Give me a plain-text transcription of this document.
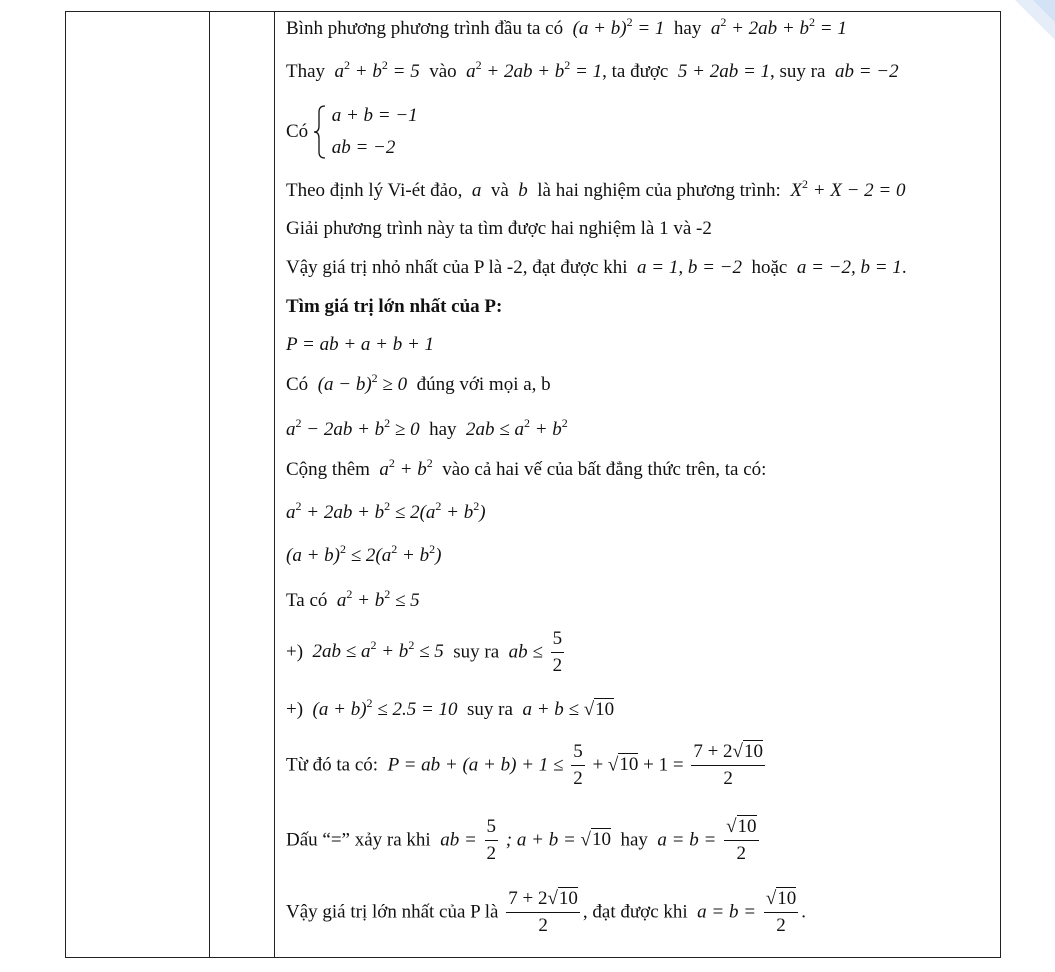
Bình phương phương trình đầu ta có  $(a + b)^2 = 1$  hay  $a^2 + 2ab + b^2 = 1$
Thay  $a^2 + b^2 = 5$  vào  $a^2 + 2ab + b^2 = 1$, ta được  5 + 2ab = 1, suy ra  ab = −2
Có  a + b = −1
ab = −2
Theo định lý Vi-ét đảo,  a  và  b  là hai nghiệm của phương trình:  $X^2 + X - 2 = 0$
Giải phương trình này ta tìm được hai nghiệm là 1 và -2
Vậy giá trị nhỏ nhất của P là -2, đạt được khi  a = 1, b = −2  hoặc  a = −2, b = 1.
Tìm giá trị lớn nhất của P:
P = ab + a + b + 1
Có  $(a - b)^2 \ge 0$  đúng với mọi a, b
$a^2 - 2ab + b^2 \ge 0$  hay  $2ab \le a^2 + b^2$
Cộng thêm  $a^2 + b^2$ vào cả hai vế của bất đẳng thức trên, ta có:
$a^2 + 2ab + b^2 \le 2(a^2 + b^2)$
$(a + b)^2 \le 2(a^2 + b^2)$
Ta có  $a^2 + b^2 \le 5$
+)  $2ab \le a^2 + b^2 \le 5$  suy ra  ab ≤ $\frac{5}{2}$
+)  $(a + b)^2 \le 2.5 = 10$  suy ra  a + b ≤ √10
Từ đó ta có:  P = ab + $(a + b) + 1 \le \frac{5}{2} + √10 + 1 = \frac{7 + 2√10}{2}$
Dấu “=” xảy ra khi  ab = $\frac{5}{2}$ ; a + b = √10 hay  $a = b = \frac{√10}{2}$
Vậy giá trị lớn nhất của P là $\frac{7 + 2√10}{2}$ , đạt được khi  $a = b = \frac{√10}{2}$ .
